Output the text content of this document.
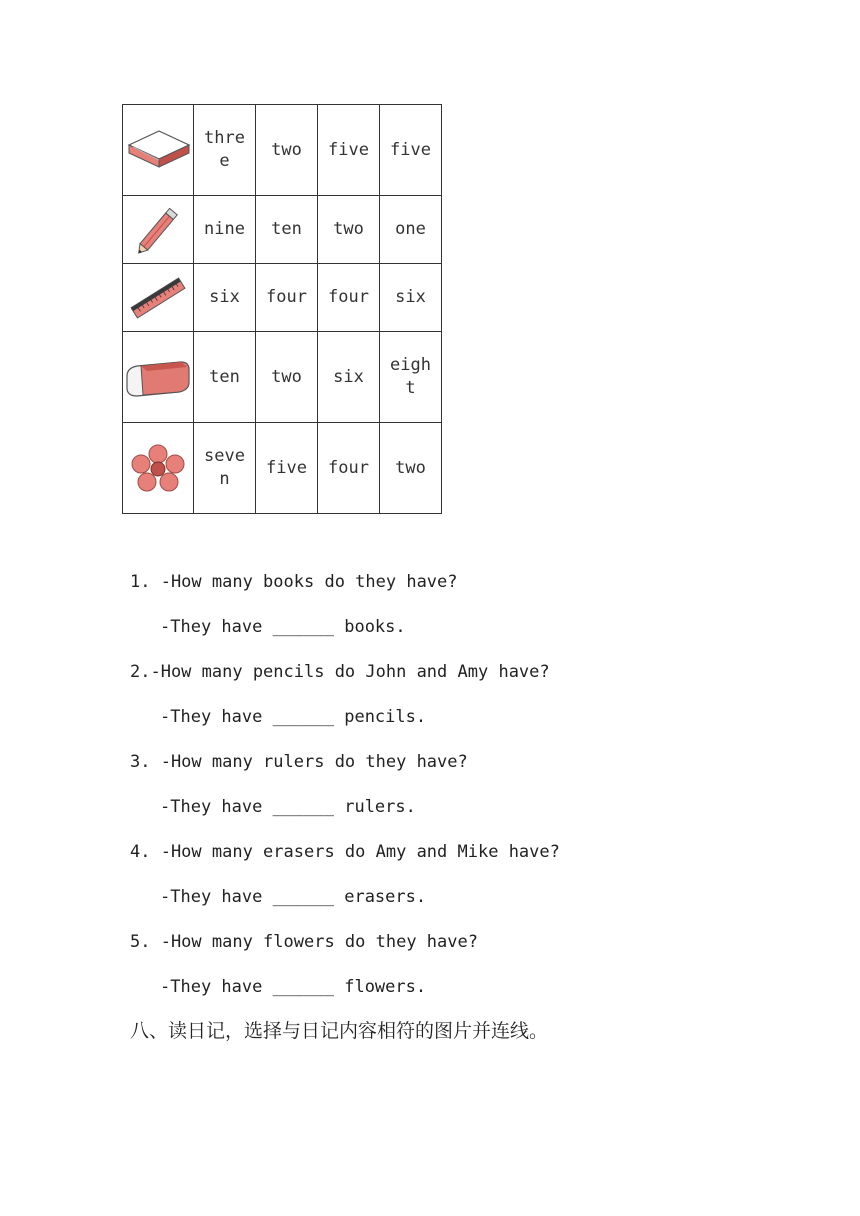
	three	two	five	five

	nine	ten	two	one

	six	four	four	six

	ten	two	six	eight

	seven	five	four	two
1. -How many books do they have?
-They have ______ books.
2.-How many pencils do John and Amy have?
-They have ______ pencils.
3. -How many rulers do they have?
-They have ______ rulers.
4. -How many erasers do Amy and Mike have?
-They have ______ erasers.
5. -How many flowers do they have?
-They have ______ flowers.
八、读日记，选择与日记内容相符的图片并连线。
